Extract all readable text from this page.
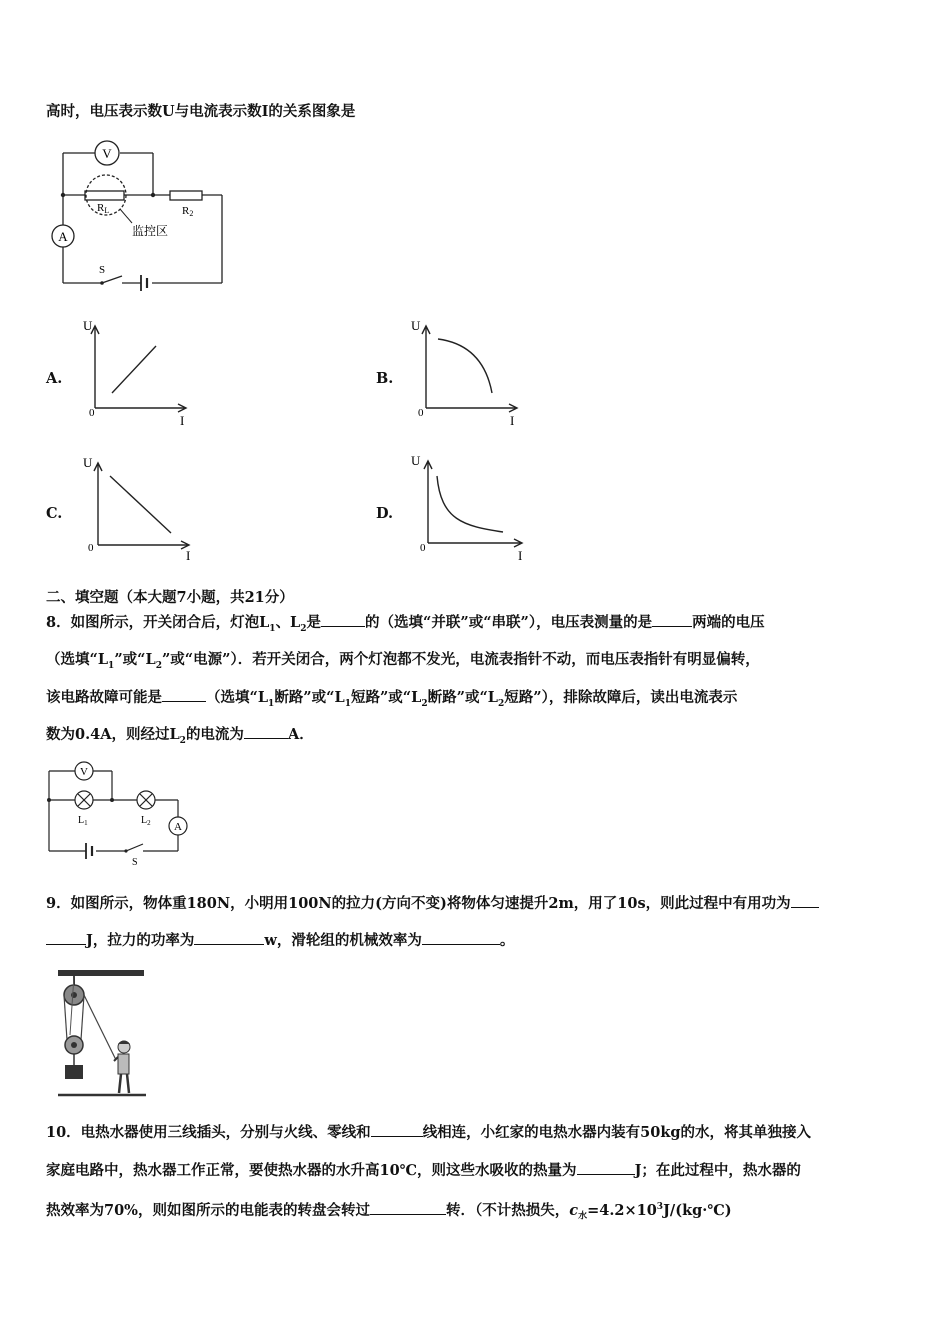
高时，电压表示数U与电流表示数I的关系图象是
V
A
RL	R2
监控区
S
A.
U
I
0
B.
U
I
0
C.
U
I
0
D.
U
I
0
二、填空题（本大题7小题，共21分）
8．如图所示，开关闭合后，灯泡$L_1$、$L_2$是	的（选填“并联”或“串联”），电压表测量的是	两端的电压
（选填“$L_1$”或“$L_2$”或“电源”）．若开关闭合，两个灯泡都不发光，电流表指针不动，而电压表指针有明显偏转，
该电路故障可能是	（选填“$L_1$断路”或“$L_1$短路”或“$L_2$断路”或“$L_2$短路”），排除故障后，读出电流表示
数为0.4A，则经过$L_2$的电流为	A．
V
A
$L_1$	$L_2$
S
9．如图所示，物体重180N，小明用100N的拉力(方向不变)将物体匀速提升2m，用了10s，则此过程中有用功为
J，拉力的功率为	w，滑轮组的机械效率为	。
10．电热水器使用三线插头，分别与火线、零线和	线相连，小红家的电热水器内装有50kg的水，将其单独接入
家庭电路中，热水器工作正常，要使热水器的水升高10℃，则这些水吸收的热量为	J；在此过程中，热水器的
热效率为70%，则如图所示的电能表的转盘会转过	转．（不计热损失，$c_水=4.2\times 10^3J/(kg\cdot℃)$
